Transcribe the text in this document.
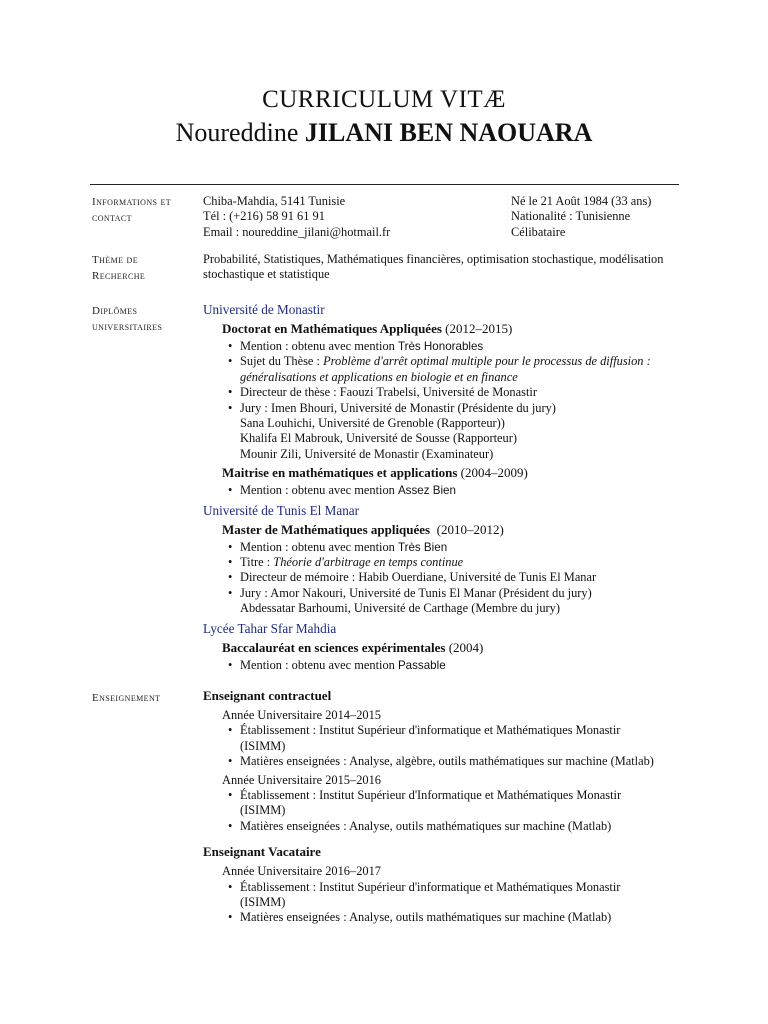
CURRICULUM VITÆ
Noureddine JILANI BEN NAOUARA
Informations et
contact
Chiba-Mahdia, 5141 Tunisie
Tél : (+216) 58 91 61 91
Email : noureddine_jilani@hotmail.fr
Né le 21 Août 1984 (33 ans)
Nationalité : Tunisienne
Célibataire
Thème de
Recherche
Probabilité, Statistiques, Mathématiques financières, optimisation stochastique, modélisation
stochastique et statistique
Diplômes
universitaires
Université de Monastir
Doctorat en Mathématiques Appliquées (2012–2015)
• Mention : obtenu avec mention Très Honorables
• Sujet du Thèse : Problème d'arrêt optimal multiple pour le processus de diffusion :
généralisations et applications en biologie et en finance
• Directeur de thèse : Faouzi Trabelsi, Université de Monastir
• Jury : Imen Bhouri, Université de Monastir (Présidente du jury)
Sana Louhichi, Université de Grenoble (Rapporteur))
Khalifa El Mabrouk, Université de Sousse (Rapporteur)
Mounir Zili, Université de Monastir (Examinateur)
Maitrise en mathématiques et applications (2004–2009)
• Mention : obtenu avec mention Assez Bien
Université de Tunis El Manar
Master de Mathématiques appliquées  (2010–2012)
• Mention : obtenu avec mention Très Bien
• Titre : Théorie d'arbitrage en temps continue
• Directeur de mémoire : Habib Ouerdiane, Université de Tunis El Manar
• Jury : Amor Nakouri, Université de Tunis El Manar (Président du jury)
Abdessatar Barhoumi, Université de Carthage (Membre du jury)
Lycée Tahar Sfar Mahdia
Baccalauréat en sciences expérimentales (2004)
• Mention : obtenu avec mention Passable
Enseignement	Enseignant contractuel
Année Universitaire 2014–2015
• Établissement : Institut Supérieur d'informatique et Mathématiques Monastir
(ISIMM)
• Matières enseignées : Analyse, algèbre, outils mathématiques sur machine (Matlab)
Année Universitaire 2015–2016
• Établissement : Institut Supérieur d'Informatique et Mathématiques Monastir
(ISIMM)
• Matières enseignées : Analyse, outils mathématiques sur machine (Matlab)
Enseignant Vacataire
Année Universitaire 2016–2017
• Établissement : Institut Supérieur d'informatique et Mathématiques Monastir
(ISIMM)
• Matières enseignées : Analyse, outils mathématiques sur machine (Matlab)
